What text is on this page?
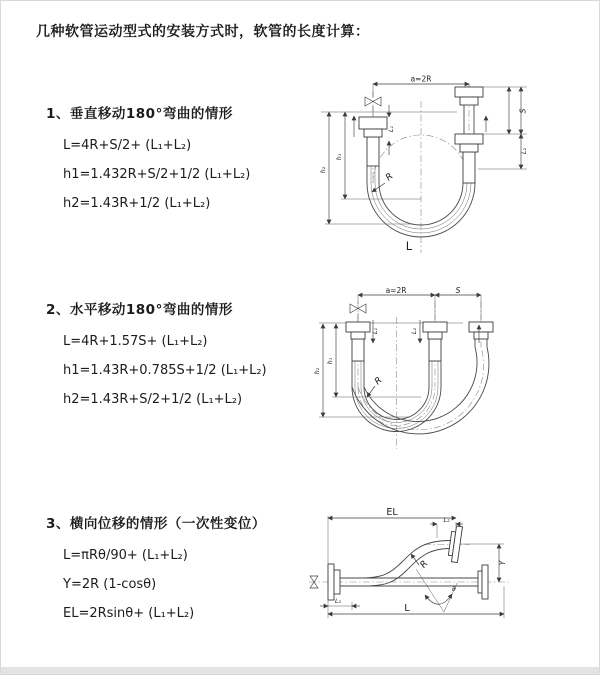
几种软管运动型式的安装方式时，软管的长度计算：
1、垂直移动180°弯曲的情形
L=4R+S/2+ (L₁+L₂)
h1=1.432R+S/2+1/2 (L₁+L₂)
h2=1.43R+1/2 (L₁+L₂)
a=2R
L₁
h₁
h₂
S
L₂
R
L
2、水平移动180°弯曲的情形
L=4R+1.57S+ (L₁+L₂)
h1=1.43R+0.785S+1/2 (L₁+L₂)
h2=1.43R+S/2+1/2 (L₁+L₂)
a=2R	S
L₁	L₂
h₁
h₂
R
3、横向位移的情形（一次性变位）
L=πRθ/90+ (L₁+L₂)
Y=2R (1-cosθ)
EL=2Rsinθ+ (L₁+L₂)
θ
EL
L₂
Y
L
L₁
R
